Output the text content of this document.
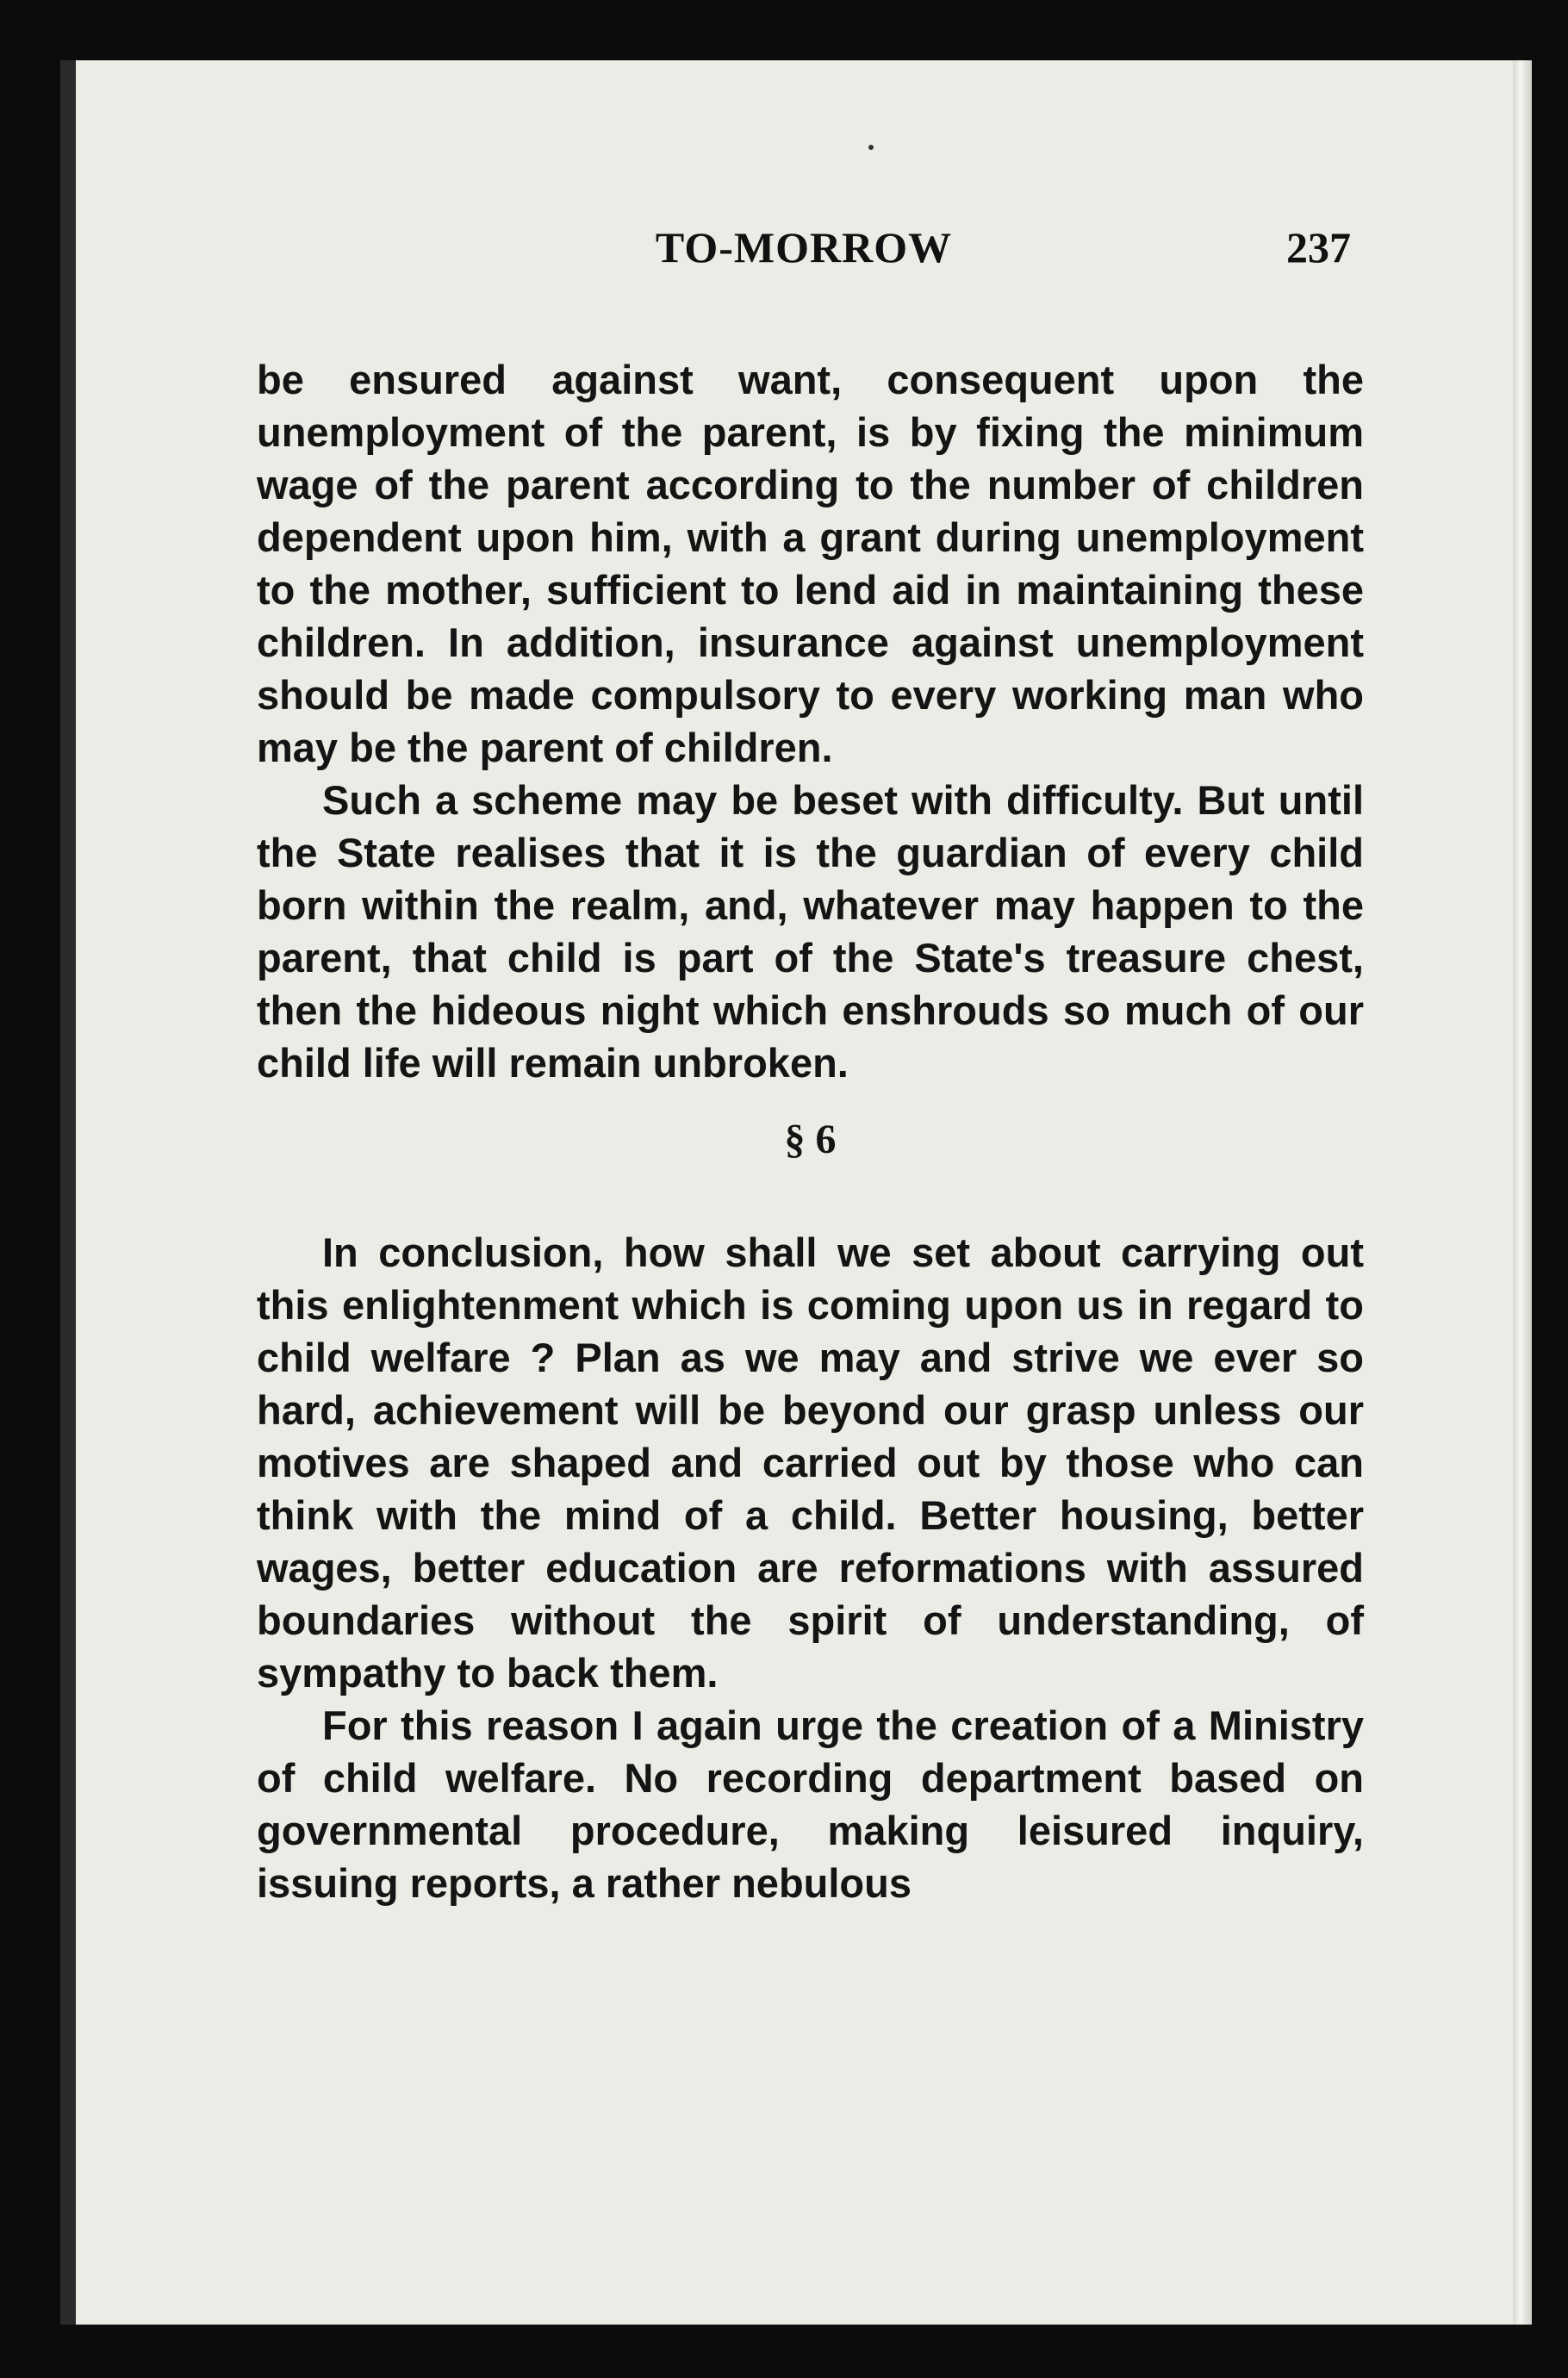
TO-MORROW	237

be ensured against want, consequent upon the unemployment of the parent, is by fixing the minimum wage of the parent according to the number of children dependent upon him, with a grant during unemployment to the mother, sufficient to lend aid in maintaining these children. In addition, insurance against unemployment should be made compulsory to every working man who may be the parent of children.

Such a scheme may be beset with difficulty. But until the State realises that it is the guardian of every child born within the realm, and, whatever may happen to the parent, that child is part of the State's treasure chest, then the hideous night which enshrouds so much of our child life will remain unbroken.

§ 6

In conclusion, how shall we set about carrying out this enlightenment which is coming upon us in regard to child welfare ? Plan as we may and strive we ever so hard, achievement will be beyond our grasp unless our motives are shaped and carried out by those who can think with the mind of a child. Better housing, better wages, better education are reformations with assured boundaries without the spirit of understanding, of sympathy to back them.

For this reason I again urge the creation of a Ministry of child welfare. No recording department based on governmental procedure, making leisured inquiry, issuing reports, a rather nebulous
